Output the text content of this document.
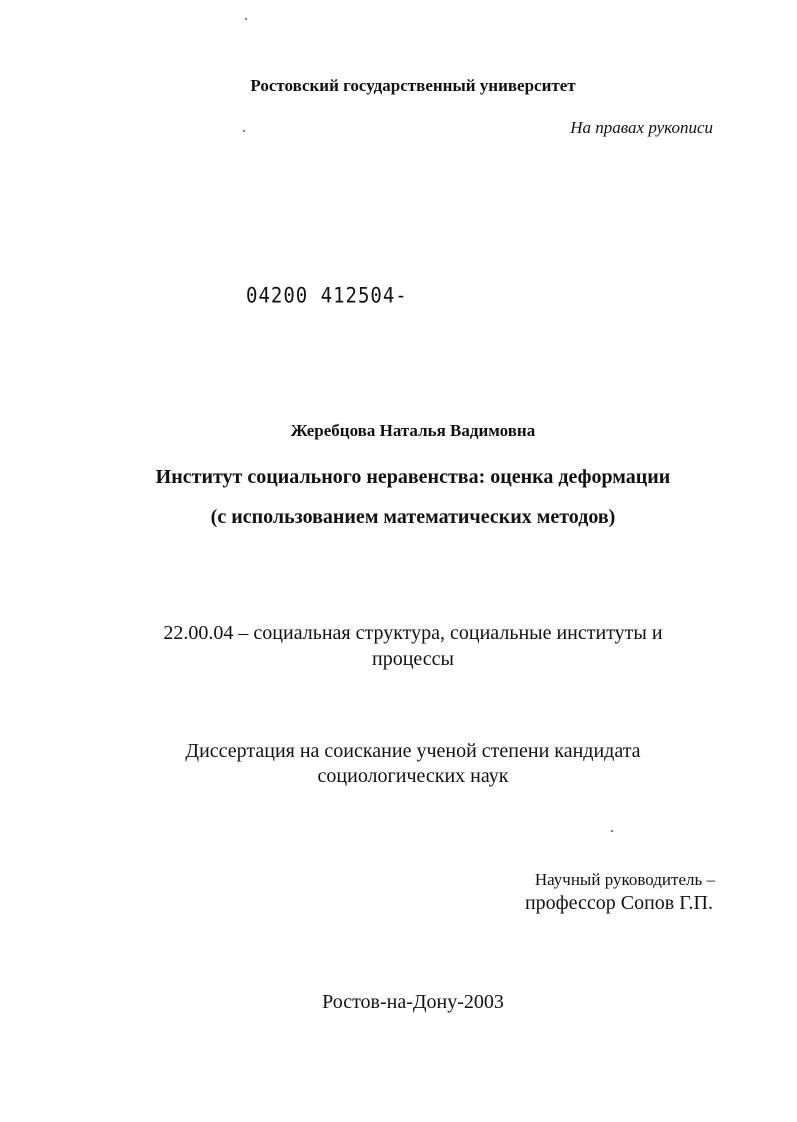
Ростовский государственный университет
На правах рукописи
04200 412504-
Жеребцова Наталья Вадимовна
Институт социального неравенства: оценка деформации
(с использованием математических методов)
22.00.04 – социальная структура, социальные институты и
процессы
Диссертация на соискание ученой степени кандидата
социологических наук
Научный руководитель –
профессор Сопов Г.П.
Ростов-на-Дону-2003
